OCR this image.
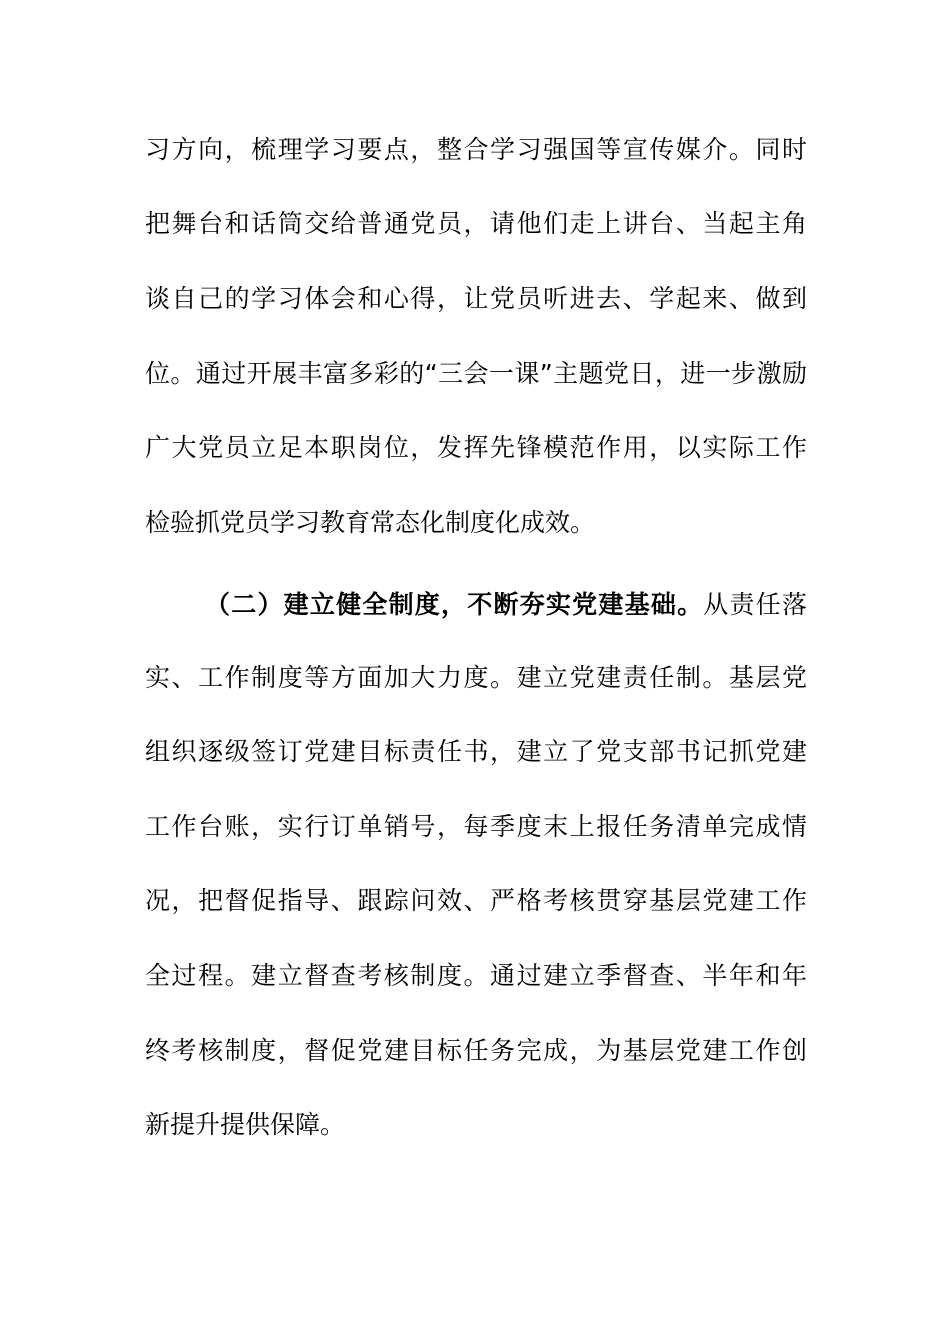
习方向，梳理学习要点，整合学习强国等宣传媒介。同时
把舞台和话筒交给普通党员，请他们走上讲台、当起主角
谈自己的学习体会和心得，让党员听进去、学起来、做到
位。通过开展丰富多彩的“三会一课”主题党日，进一步激励
广大党员立足本职岗位，发挥先锋模范作用，以实际工作
检验抓党员学习教育常态化制度化成效。
（二）建立健全制度，不断夯实党建基础。从责任落
实、工作制度等方面加大力度。建立党建责任制。基层党
组织逐级签订党建目标责任书，建立了党支部书记抓党建
工作台账，实行订单销号，每季度末上报任务清单完成情
况，把督促指导、跟踪问效、严格考核贯穿基层党建工作
全过程。建立督查考核制度。通过建立季督查、半年和年
终考核制度，督促党建目标任务完成，为基层党建工作创
新提升提供保障。
